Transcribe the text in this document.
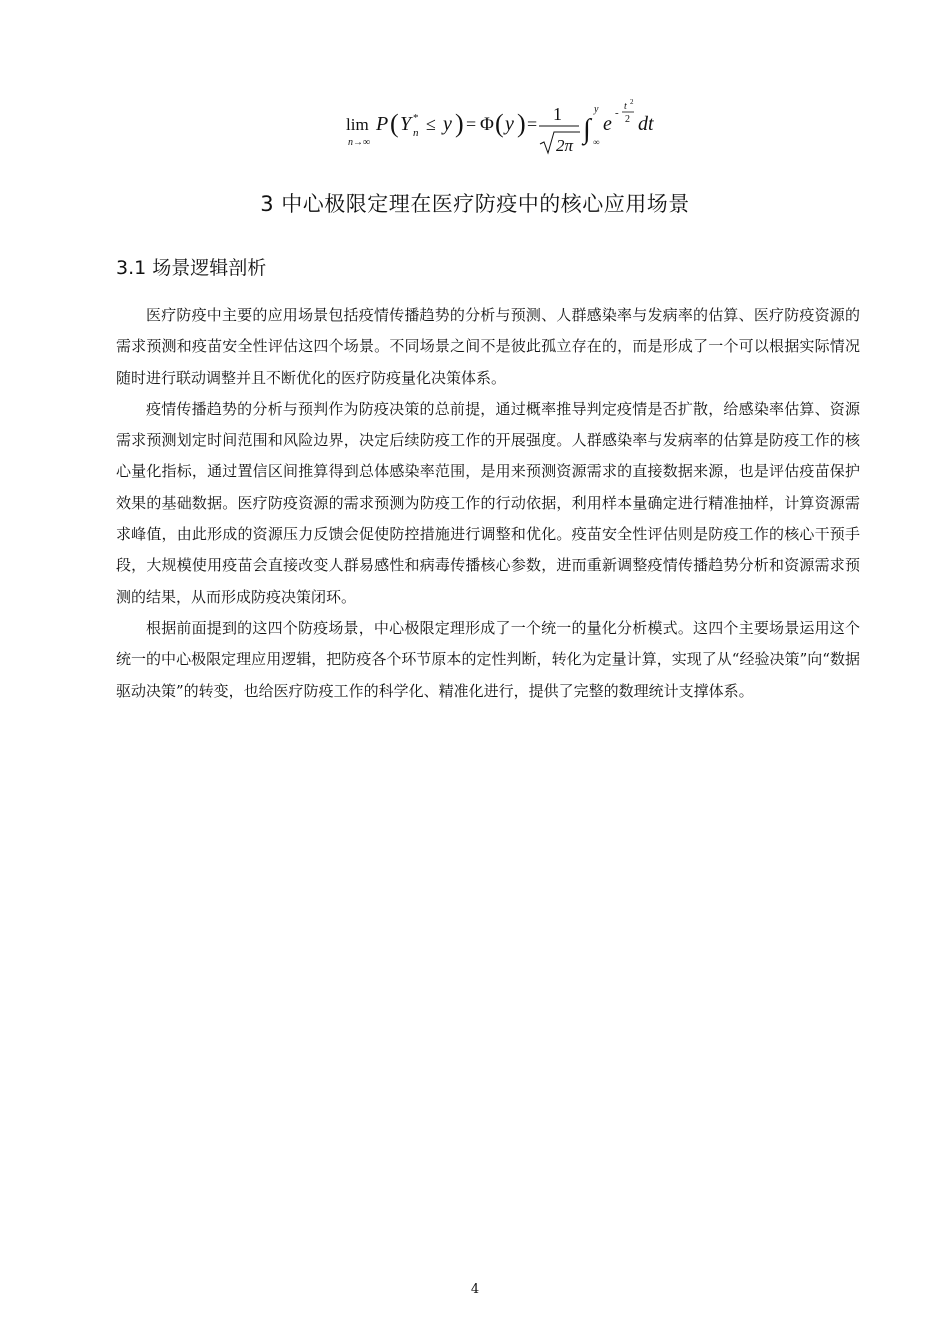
lim
n→∞
P ( Y *
n ≤ y ) = Φ ( y ) = 1
2π
∫
y
∞
e -
t 2
2 dt
3 中心极限定理在医疗防疫中的核心应用场景
3.1 场景逻辑剖析

医疗防疫中主要的应用场景包括疫情传播趋势的分析与预测、人群感染率与发病率的估算、医疗防疫资源的需求预测和疫苗安全性评估这四个场景。不同场景之间不是彼此孤立存在的，而是形成了一个可以根据实际情况随时进行联动调整并且不断优化的医疗防疫量化决策体系。

疫情传播趋势的分析与预判作为防疫决策的总前提，通过概率推导判定疫情是否扩散，给感染率估算、资源需求预测划定时间范围和风险边界，决定后续防疫工作的开展强度。人群感染率与发病率的估算是防疫工作的核心量化指标，通过置信区间推算得到总体感染率范围，是用来预测资源需求的直接数据来源，也是评估疫苗保护效果的基础数据。医疗防疫资源的需求预测为防疫工作的行动依据，利用样本量确定进行精准抽样，计算资源需求峰值，由此形成的资源压力反馈会促使防控措施进行调整和优化。疫苗安全性评估则是防疫工作的核心干预手段，大规模使用疫苗会直接改变人群易感性和病毒传播核心参数，进而重新调整疫情传播趋势分析和资源需求预测的结果，从而形成防疫决策闭环。

根据前面提到的这四个防疫场景，中心极限定理形成了一个统一的量化分析模式。这四个主要场景运用这个统一的中心极限定理应用逻辑，把防疫各个环节原本的定性判断，转化为定量计算，实现了从“经验决策”向“数据驱动决策”的转变，也给医疗防疫工作的科学化、精准化进行，提供了完整的数理统计支撑体系。

4
